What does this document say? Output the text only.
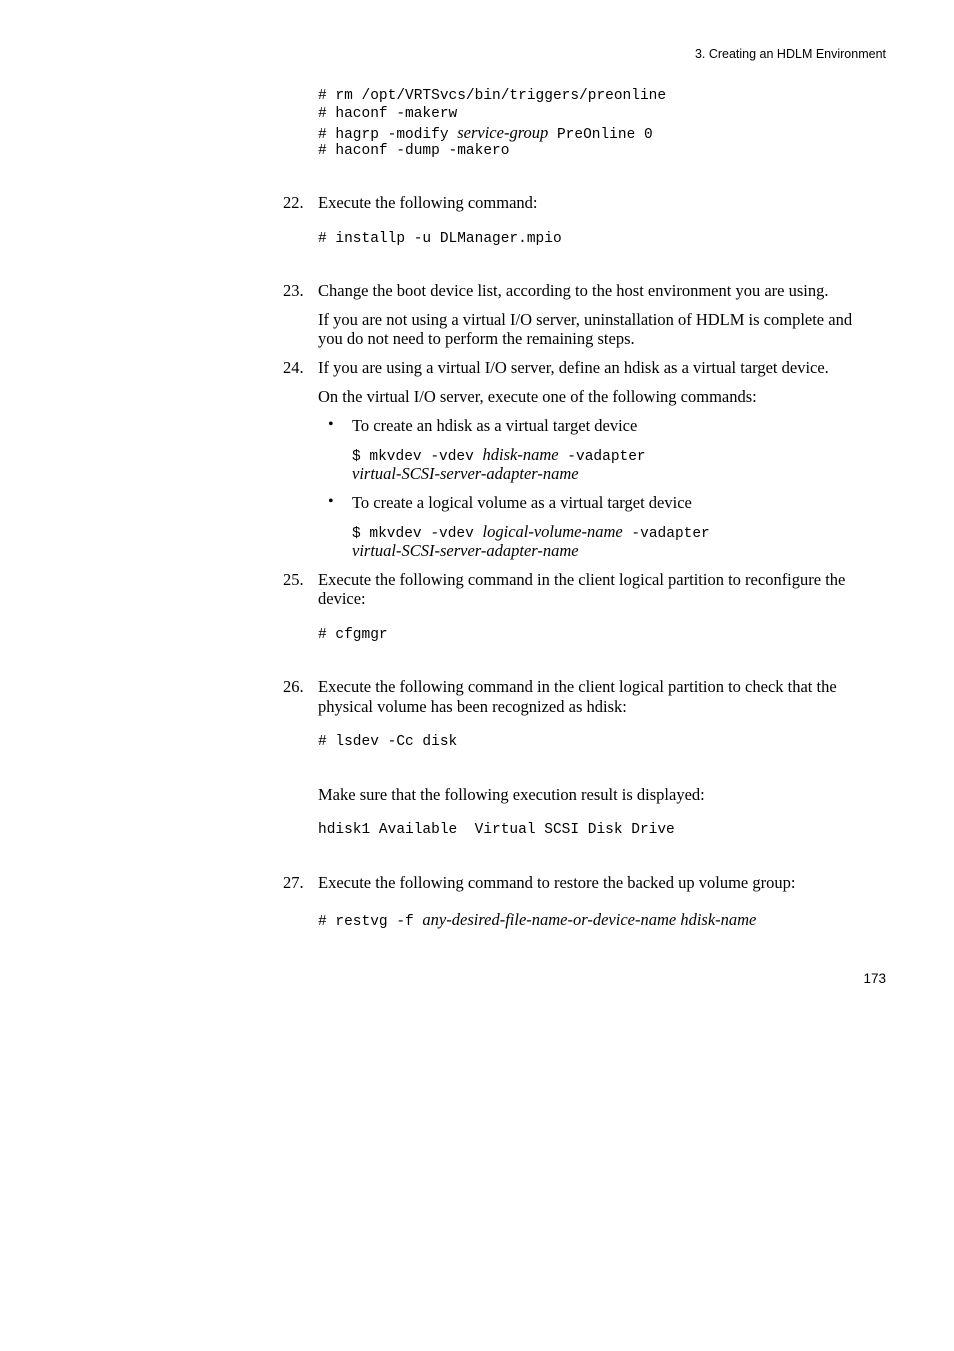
3. Creating an HDLM Environment
# rm /opt/VRTSvcs/bin/triggers/preonline
# haconf -makerw
# hagrp -modify service-group PreOnline 0
# haconf -dump -makero
22. Execute the following command:
# installp -u DLManager.mpio
23. Change the boot device list, according to the host environment you are using.
If you are not using a virtual I/O server, uninstallation of HDLM is complete and
you do not need to perform the remaining steps.
24. If you are using a virtual I/O server, define an hdisk as a virtual target device.
On the virtual I/O server, execute one of the following commands:
• To create an hdisk as a virtual target device
$ mkvdev -vdev hdisk-name -vadapter
virtual-SCSI-server-adapter-name
• To create a logical volume as a virtual target device
$ mkvdev -vdev logical-volume-name -vadapter
virtual-SCSI-server-adapter-name
25. Execute the following command in the client logical partition to reconfigure the
device:
# cfgmgr
26. Execute the following command in the client logical partition to check that the
physical volume has been recognized as hdisk:
# lsdev -Cc disk
Make sure that the following execution result is displayed:
hdisk1 Available  Virtual SCSI Disk Drive
27. Execute the following command to restore the backed up volume group:
# restvg -f any-desired-file-name-or-device-name hdisk-name
173
